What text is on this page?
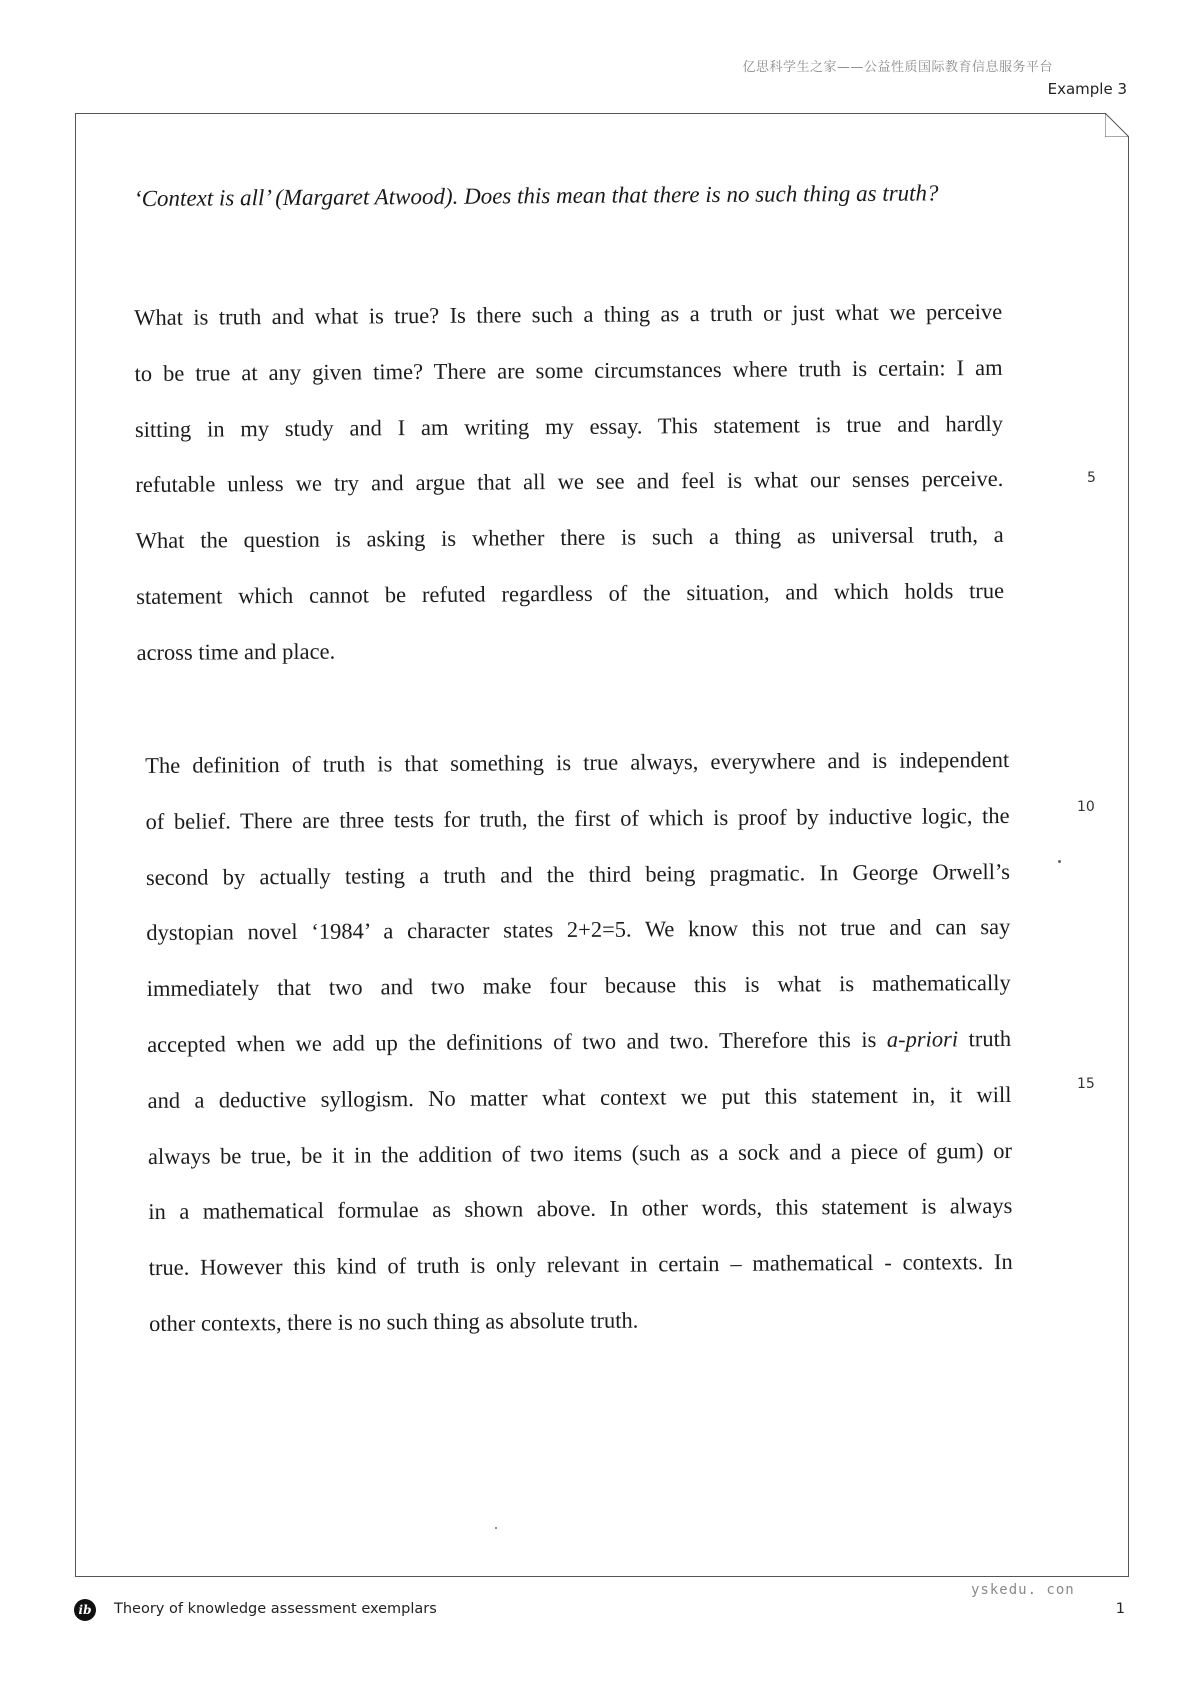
亿思科学生之家——公益性质国际教育信息服务平台
Example 3
‘Context is all’ (Margaret Atwood). Does this mean that there is no such thing as truth?
What is truth and what is true? Is there such a thing as a truth or just what we perceive
to be true at any given time? There are some circumstances where truth is certain: I am
sitting in my study and I am writing my essay. This statement is true and hardly
refutable unless we try and argue that all we see and feel is what our senses perceive.
What the question is asking is whether there is such a thing as universal truth, a
statement which cannot be refuted regardless of the situation, and which holds true
across time and place.
The definition of truth is that something is true always, everywhere and is independent
of belief. There are three tests for truth, the first of which is proof by inductive logic, the
second by actually testing a truth and the third being pragmatic. In George Orwell’s
dystopian novel ‘1984’ a character states 2+2=5. We know this not true and can say
immediately that two and two make four because this is what is mathematically
accepted when we add up the definitions of two and two. Therefore this is a-priori truth
and a deductive syllogism. No matter what context we put this statement in, it will
always be true, be it in the addition of two items (such as a sock and a piece of gum) or
in a mathematical formulae as shown above. In other words, this statement is always
true. However this kind of truth is only relevant in certain – mathematical - contexts. In
other contexts, there is no such thing as absolute truth.
5
10
15
ib	Theory of knowledge assessment exemplars
yskedu. con
1
